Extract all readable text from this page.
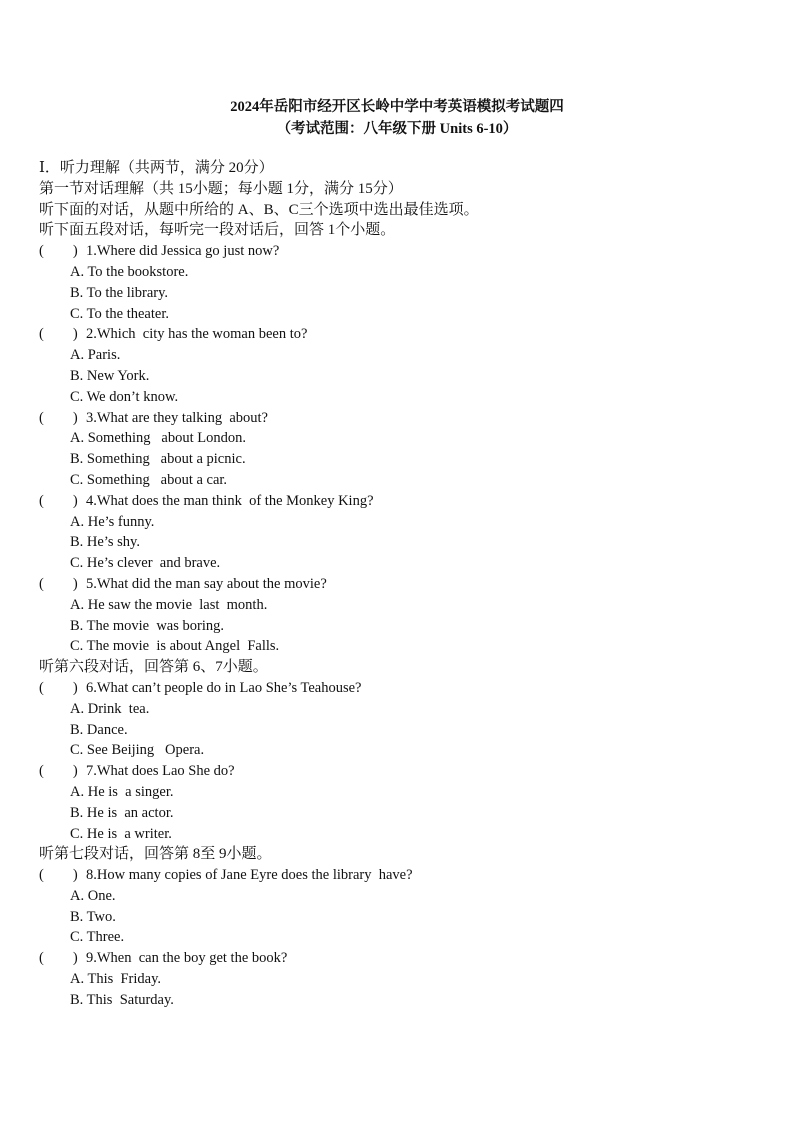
2024年岳阳市经开区长岭中学中考英语模拟考试题四
（考试范围：八年级下册 Units 6-10）
Ⅰ．听力理解（共两节，满分 20分）
第一节对话理解（共 15小题；每小题 1分，满分 15分）
听下面的对话，从题中所给的 A、B、C三个选项中选出最佳选项。
听下面五段对话，每听完一段对话后，回答 1个小题。
(        ) 1.Where did Jessica go just now?
A. To the bookstore.
B. To the library.
C. To the theater.
(        ) 2.Which  city has the woman been to?
A. Paris.
B. New York.
C. We don’t know.
(        ) 3.What are they talking  about?
A. Something   about London.
B. Something   about a picnic.
C. Something   about a car.
(        ) 4.What does the man think  of the Monkey King?
A. He’s funny.
B. He’s shy.
C. He’s clever  and brave.
(        ) 5.What did the man say about the movie?
A. He saw the movie  last  month.
B. The movie  was boring.
C. The movie  is about Angel  Falls.
听第六段对话，回答第 6、7小题。
(        ) 6.What can’t people do in Lao She’s Teahouse?
A. Drink  tea.
B. Dance.
C. See Beijing   Opera.
(        ) 7.What does Lao She do?
A. He is  a singer.
B. He is  an actor.
C. He is  a writer.
听第七段对话，回答第 8至 9小题。
(        ) 8.How many copies of Jane Eyre does the library  have?
A. One.
B. Two.
C. Three.
(        ) 9.When  can the boy get the book?
A. This  Friday.
B. This  Saturday.
